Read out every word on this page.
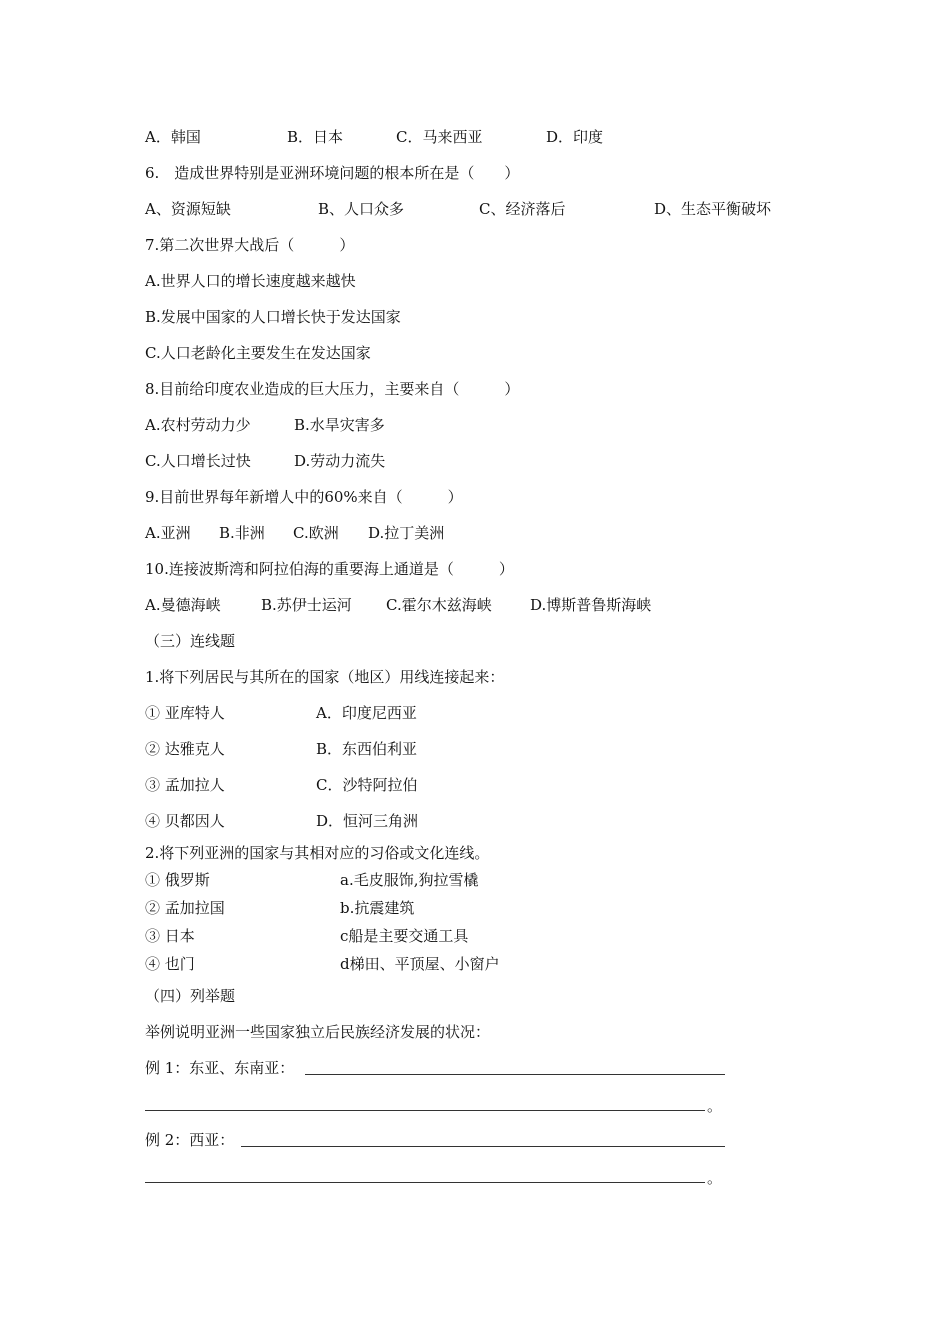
A．韩国	B．日本	C．马来西亚	D．印度
6.　造成世界特别是亚洲环境问题的根本所在是（　　）
A、资源短缺	B、人口众多	C、经济落后	D、生态平衡破坏
7.第二次世界大战后（　　　）
A.世界人口的增长速度越来越快
B.发展中国家的人口增长快于发达国家
C.人口老龄化主要发生在发达国家
8.目前给印度农业造成的巨大压力，主要来自（　　　）
A.农村劳动力少	B.水旱灾害多
C.人口增长过快	D.劳动力流失
9.目前世界每年新增人中的60%来自（　　　）
A.亚洲 B.非洲 C.欧洲 D.拉丁美洲
10.连接波斯湾和阿拉伯海的重要海上通道是（　　　）
A.曼德海峡	B.苏伊士运河 C.霍尔木兹海峡	D.博斯普鲁斯海峡
（三）连线题
1.将下列居民与其所在的国家（地区）用线连接起来：
① 亚库特人	A．印度尼西亚
② 达雅克人	B．东西伯利亚
③ 孟加拉人	C．沙特阿拉伯
④ 贝都因人	D．恒河三角洲
2.将下列亚洲的国家与其相对应的习俗或文化连线。
① 俄罗斯	a.毛皮服饰,狗拉雪橇
② 孟加拉国	b.抗震建筑
③ 日本	c船是主要交通工具
④ 也门	d梯田、平顶屋、小窗户
（四）列举题
举例说明亚洲一些国家独立后民族经济发展的状况：
例 1：东亚、东南亚：
。
例 2：西亚：
。
